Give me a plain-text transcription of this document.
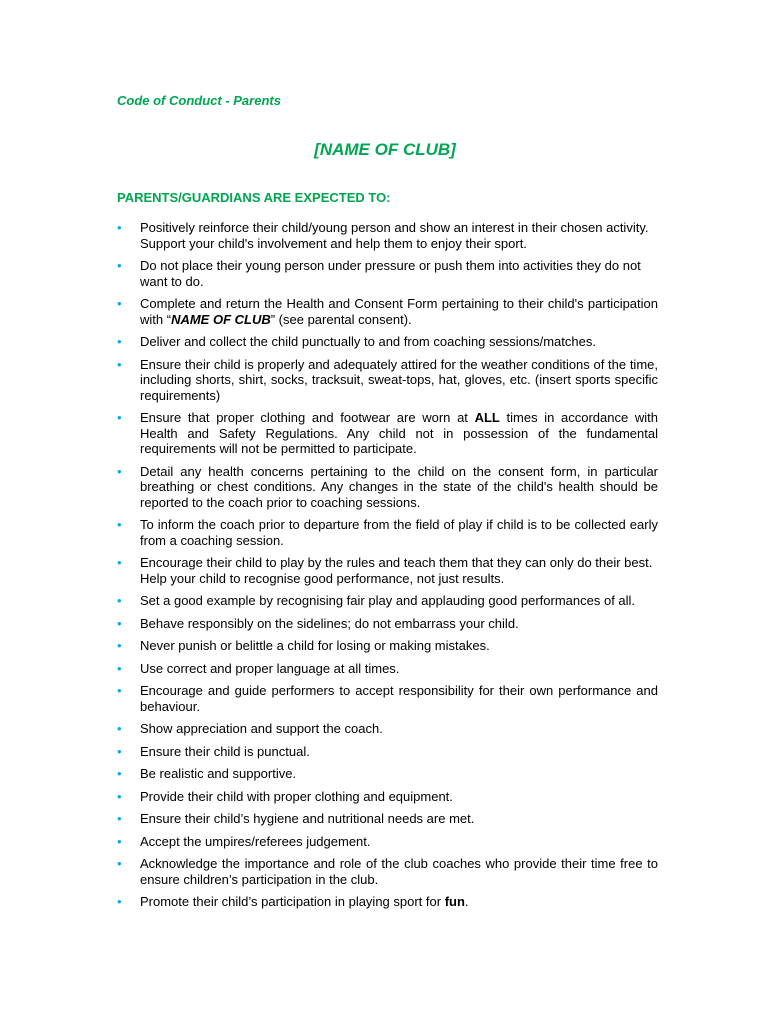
Code of Conduct - Parents
[NAME OF CLUB]
PARENTS/GUARDIANS ARE EXPECTED TO:
• Positively reinforce their child/young person and show an interest in their chosen activity. Support your child's involvement and help them to enjoy their sport.
• Do not place their young person under pressure or push them into activities they do not want to do.
• Complete and return the Health and Consent Form pertaining to their child's participation with “NAME OF CLUB” (see parental consent).
• Deliver and collect the child punctually to and from coaching sessions/matches.
• Ensure their child is properly and adequately attired for the weather conditions of the time, including shorts, shirt, socks, tracksuit, sweat-tops, hat, gloves, etc. (insert sports specific requirements)
• Ensure that proper clothing and footwear are worn at ALL times in accordance with Health and Safety Regulations. Any child not in possession of the fundamental requirements will not be permitted to participate.
• Detail any health concerns pertaining to the child on the consent form, in particular breathing or chest conditions. Any changes in the state of the child's health should be reported to the coach prior to coaching sessions.
• To inform the coach prior to departure from the field of play if child is to be collected early from a coaching session.
• Encourage their child to play by the rules and teach them that they can only do their best. Help your child to recognise good performance, not just results.
• Set a good example by recognising fair play and applauding good performances of all.
• Behave responsibly on the sidelines; do not embarrass your child.
• Never punish or belittle a child for losing or making mistakes.
• Use correct and proper language at all times.
• Encourage and guide performers to accept responsibility for their own performance and behaviour.
• Show appreciation and support the coach.
• Ensure their child is punctual.
• Be realistic and supportive.
• Provide their child with proper clothing and equipment.
• Ensure their child’s hygiene and nutritional needs are met.
• Accept the umpires/referees judgement.
• Acknowledge the importance and role of the club coaches who provide their time free to ensure children’s participation in the club.
• Promote their child’s participation in playing sport for fun.
